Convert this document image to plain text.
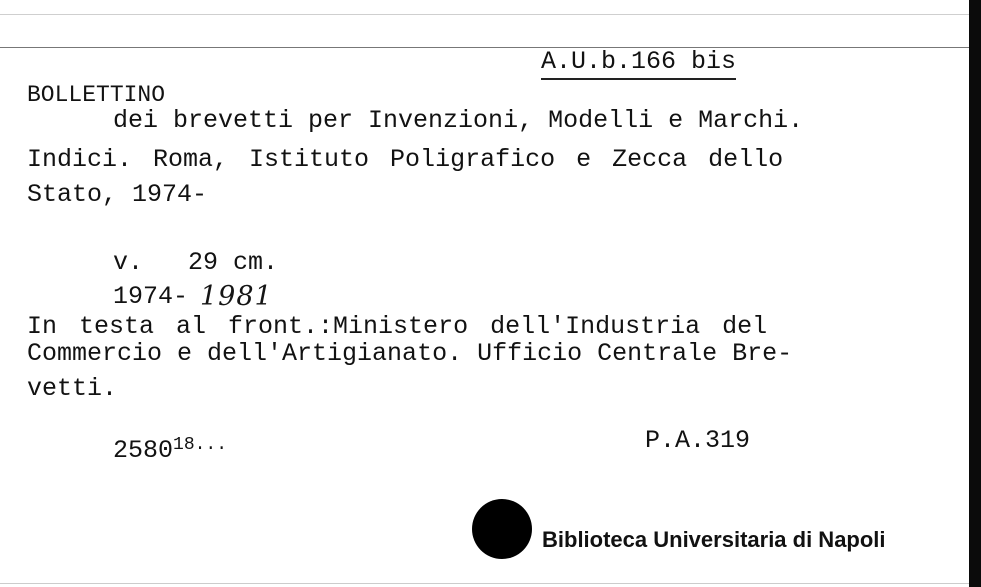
A.U.b.166 bis
BOLLETTINO
dei brevetti per Invenzioni, Modelli e Marchi.
Indici. Roma, Istituto Poligrafico e Zecca dello
Stato, 1974-
v.   29 cm.
1974- 1981
In testa al front.:Ministero dell'Industria del
Commercio e dell'Artigianato. Ufficio Centrale Bre-
vetti.
$2580^{18...}$	P.A.319
Biblioteca Universitaria di Napoli
